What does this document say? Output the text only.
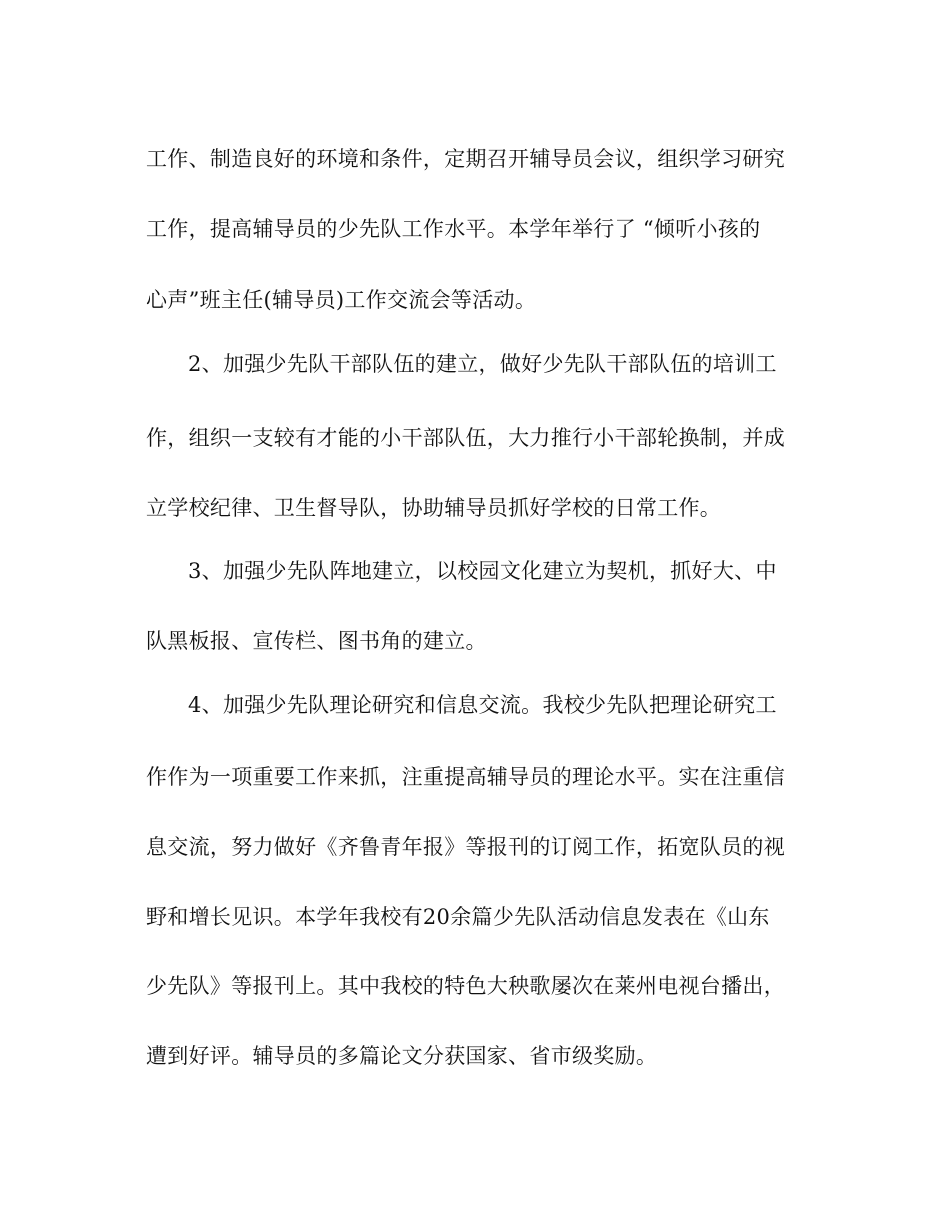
工作、制造良好的环境和条件，定期召开辅导员会议，组织学习研究
工作，提高辅导员的少先队工作水平。本学年举行了 “倾听小孩的
心声”班主任(辅导员)工作交流会等活动。
2、加强少先队干部队伍的建立，做好少先队干部队伍的培训工
作，组织一支较有才能的小干部队伍，大力推行小干部轮换制，并成
立学校纪律、卫生督导队，协助辅导员抓好学校的日常工作。
3、加强少先队阵地建立，以校园文化建立为契机，抓好大、中
队黑板报、宣传栏、图书角的建立。
4、加强少先队理论研究和信息交流。我校少先队把理论研究工
作作为一项重要工作来抓，注重提高辅导员的理论水平。实在注重信
息交流，努力做好《齐鲁青年报》等报刊的订阅工作，拓宽队员的视
野和增长见识。本学年我校有20余篇少先队活动信息发表在《山东
少先队》等报刊上。其中我校的特色大秧歌屡次在莱州电视台播出，
遭到好评。辅导员的多篇论文分获国家、省市级奖励。
